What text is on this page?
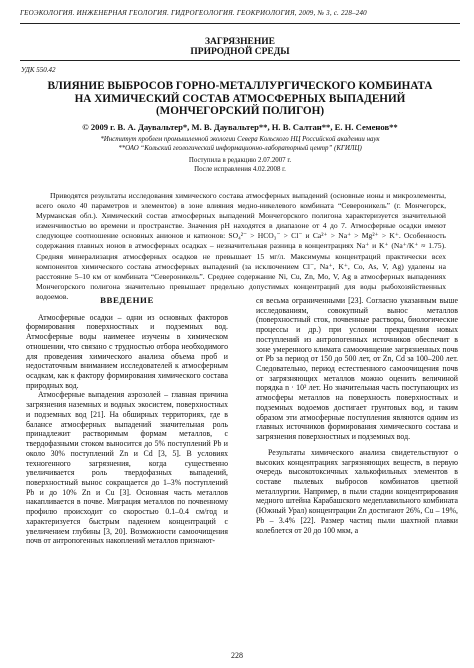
ГЕОЭКОЛОГИЯ. ИНЖЕНЕРНАЯ ГЕОЛОГИЯ. ГИДРОГЕОЛОГИЯ. ГЕОКРИОЛОГИЯ, 2009, № 3, с. 228–240
ЗАГРЯЗНЕНИЕ
ПРИРОДНОЙ СРЕДЫ
УДК 550.42
ВЛИЯНИЕ ВЫБРОСОВ ГОРНО-МЕТАЛЛУРГИЧЕСКОГО КОМБИНАТА
НА ХИМИЧЕСКИЙ СОСТАВ АТМОСФЕРНЫХ ВЫПАДЕНИЙ
(МОНЧЕГОРСКИЙ ПОЛИГОН)
© 2009 г. В. А. Даувальтер*, М. В. Даувальтер**, Н. В. Салтан**, Е. Н. Семенов**
*Институт проблем промышленной экологии Севера Кольского НЦ Российской академии наук
**ОАО “Кольский геологический информационно-лабораторный центр” (КГИЛЦ)
Поступила в редакцию 2.07.2007 г.
После исправления 4.02.2008 г.

Приводятся результаты исследования химического состава атмосферных выпадений (основные ионы и микроэлементы, всего около 40 параметров и элементов) в зоне влияния медно-никелевого комбината “Североникель” (г. Мончегорск, Мурманская обл.). Химический состав атмосферных выпадений Мончегорского полигона характеризуется значительной изменчивостью во времени и пространстве. Значения pH находятся в диапазоне от 4 до 7. Атмосферные осадки имеют следующее соотношение основных анионов и катионов: SO₄²⁻ > HCO₃⁻ > Cl⁻ и Ca²⁺ > Na⁺ > Mg²⁺ > K⁺. Особенность содержания главных ионов в атмосферных осадках – незначительная разница в концентрациях Na⁺ и K⁺ (Na⁺/K⁺ ≈ 1.75). Средняя минерализация атмосферных осадков не превышает 15 мг/л. Максимумы концентраций практически всех компонентов химического состава атмосферных выпадений (за исключением Cl⁻, Na⁺, K⁺, Co, As, V, Ag) удалены на расстояние 5–10 км от комбината “Североникель”. Среднее содержание Ni, Cu, Zn, Mo, V, Ag в атмосферных выпадениях Мончегорского полигона значительно превышает предельно допустимых концентраций для воды рыбохозяйственных водоемов.	ВВЕДЕНИЕ

Атмосферные осадки – одни из основных факторов формирования поверхностных и подземных вод. Атмосферные воды наименее изучены в химическом отношении, что связано с трудностью отбора необходимого для проведения химического анализа объема проб и недостаточным вниманием исследователей к атмосферным осадкам, как к фактору формирования химического состава природных вод.

Атмосферные выпадения аэрозолей – главная причина загрязнения наземных и водных экосистем, поверхностных и подземных вод [21]. На обширных территориях, где в балансе атмосферных выпадений значительная роль принадлежит растворимым формам металлов, с твердофазными стоком выносится до 5% поступлений Pb и около 30% поступлений Zn и Cd [3, 5]. В условиях техногенного загрязнения, когда существенно увеличивается роль твердофазных выпадений, поверхностный вынос сокращается до 1–3% поступлений Pb и до 10% Zn и Cu [3]. Основная часть металлов накапливается в почве. Миграция металлов по почвенному профилю происходит со скоростью 0.1–0.4 см/год и характеризуется быстрым падением концентраций с увеличением глубины [3, 20]. Возможности самоочищения почв от антропогенных накоплений металлов признают-

ся весьма ограниченными [23]. Согласно указанным выше исследованиям, совокупный вынос металлов (поверхностный сток, почвенные растворы, биологические процессы и др.) при условии прекращения новых поступлений из антропогенных источников обеспечит в зоне умеренного климата самоочищение загрязненных почв от Pb за период от 150 до 500 лет, от Zn, Cd за 100–200 лет. Следовательно, период естественного самоочищения почв от загрязняющих металлов можно оценить величиной порядка n · 10² лет. Но значительная часть поступающих из атмосферы металлов на поверхность поверхностных и подземных водоемов достигает грунтовых вод, и таким образом эти атмосферные поступления являются одним из главных источников формирования химического состава и загрязнения поверхностных и подземных вод.

Результаты химического анализа свидетельствуют о высоких концентрациях загрязняющих веществ, в первую очередь высокотоксичных халькофильных элементов в составе пылевых выбросов комбинатов цветной металлургии. Например, в пыли стадии концентрирования медного штейна Карабашского медеплавильного комбината (Южный Урал) концентрации Zn достигают 26%, Cu – 19%, Pb – 3.4% [22]. Размер частиц пыли шахтной плавки колеблется от 20 до 100 мкм, а

228
